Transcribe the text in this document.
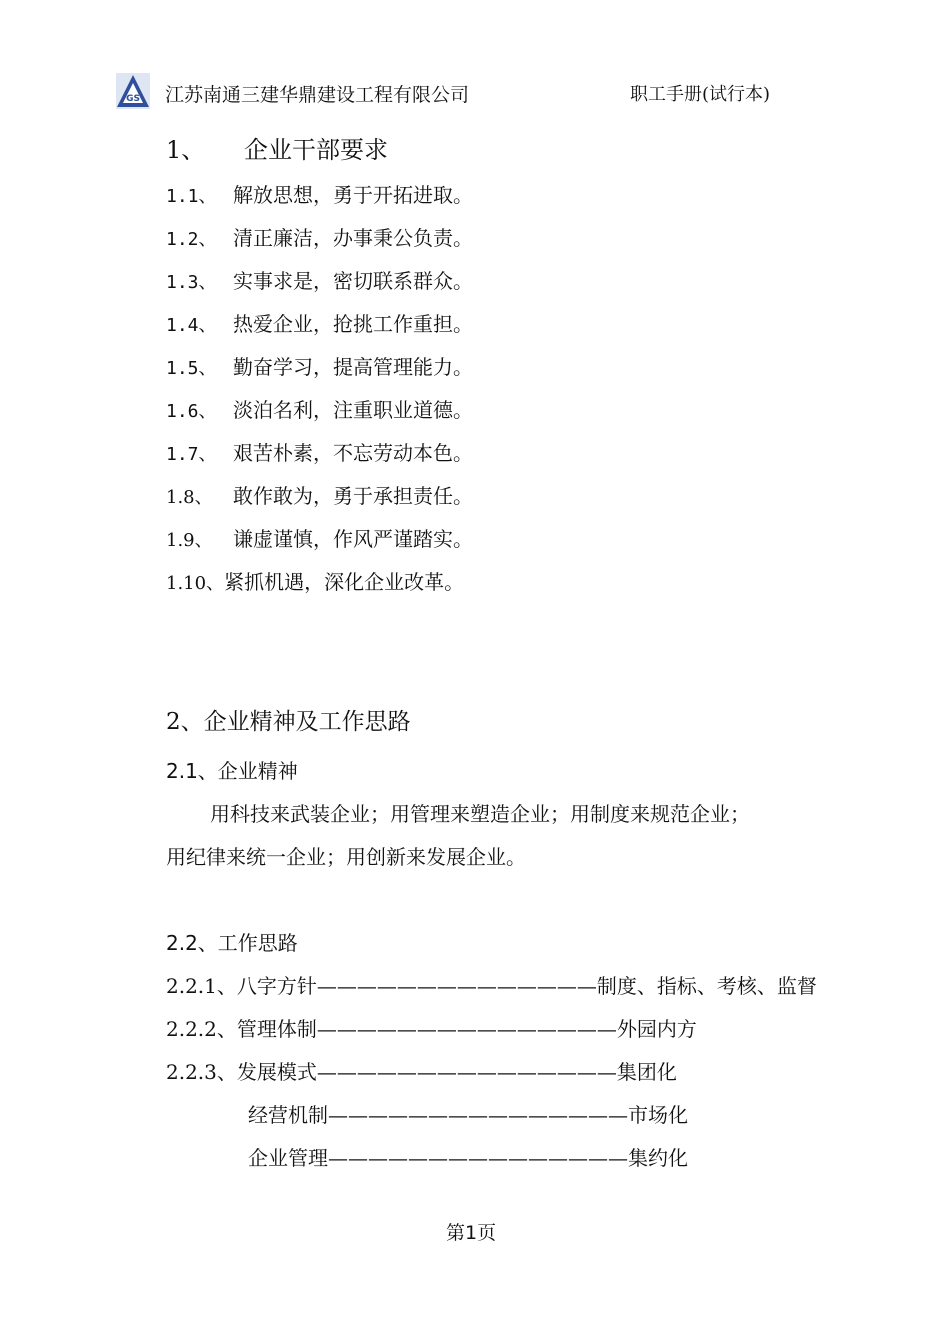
GS 江苏南通三建华鼎建设工程有限公司	职工手册(试行本)
1、 企业干部要求
1.1、 解放思想，勇于开拓进取。
1.2、 清正廉洁，办事秉公负责。
1.3、 实事求是，密切联系群众。
1.4、 热爱企业，抢挑工作重担。
1.5、 勤奋学习，提高管理能力。
1.6、 淡泊名利，注重职业道德。
1.7、 艰苦朴素，不忘劳动本色。
1.8、 敢作敢为，勇于承担责任。
1.9、 谦虚谨慎，作风严谨踏实。
1.10、紧抓机遇，深化企业改革。
2、企业精神及工作思路
2.1、企业精神
用科技来武装企业；用管理来塑造企业；用制度来规范企业；
用纪律来统一企业；用创新来发展企业。
2.2、工作思路
2.2.1、八字方针——————————————制度、指标、考核、监督
2.2.2、管理体制———————————————外园内方
2.2.3、发展模式———————————————集团化
经营机制———————————————市场化
企业管理———————————————集约化
第1页
